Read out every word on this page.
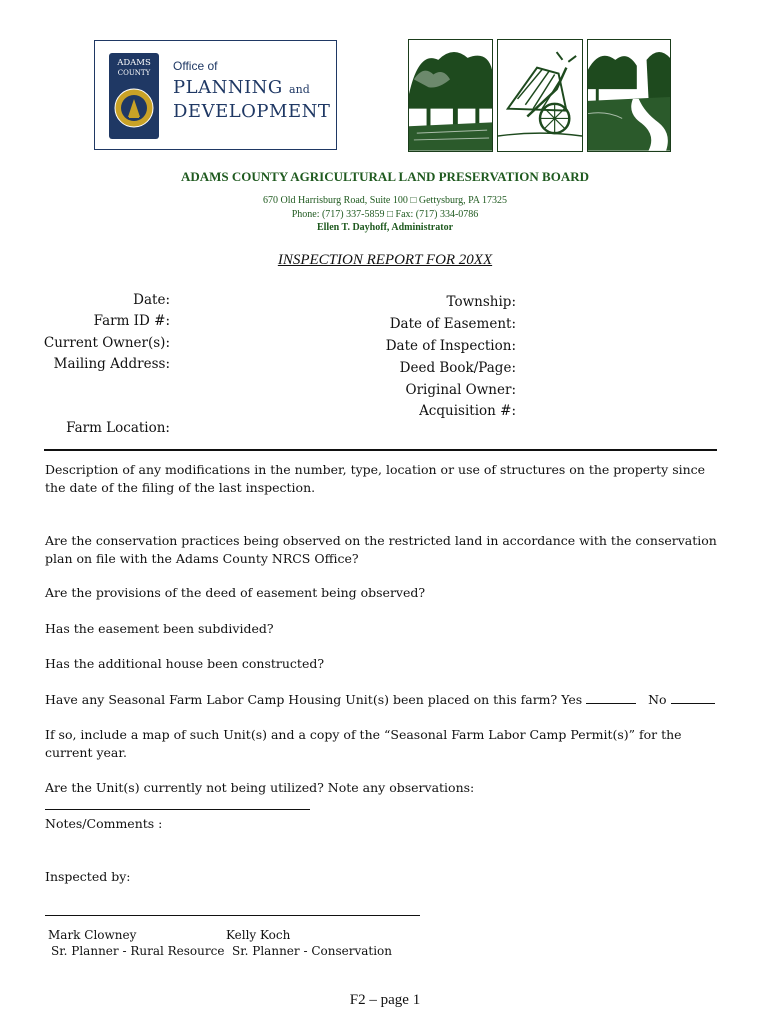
ADAMS
COUNTY Office of
PLANNING and
DEVELOPMENT
ADAMS COUNTY AGRICULTURAL LAND PRESERVATION BOARD
670 Old Harrisburg Road, Suite 100 □ Gettysburg, PA 17325
Phone: (717) 337-5859 □ Fax: (717) 334-0786
Ellen T. Dayhoff, Administrator
INSPECTION REPORT FOR 20XX
Date:
Farm ID #:
Current Owner(s):
Mailing Address:
Farm Location:
Township:
Date of Easement:
Date of Inspection:
Deed Book/Page:
Original Owner:
Acquisition #:
Description of any modifications in the number, type, location or use of structures on the property since the date of the filing of the last inspection.
Are the conservation practices being observed on the restricted land in accordance with the conservation plan on file with the Adams County NRCS Office?
Are the provisions of the deed of easement being observed?
Has the easement been subdivided?
Has the additional house been constructed?
Have any Seasonal Farm Labor Camp Housing Unit(s) been placed on this farm? Yes	No
If so, include a map of such Unit(s) and a copy of the “Seasonal Farm Labor Camp Permit(s)” for the current year.
Are the Unit(s) currently not being utilized? Note any observations:
Notes/Comments :
Inspected by:
Mark Clowney
Sr. Planner - Rural Resource
Kelly Koch
Sr. Planner - Conservation
F2 – page 1
